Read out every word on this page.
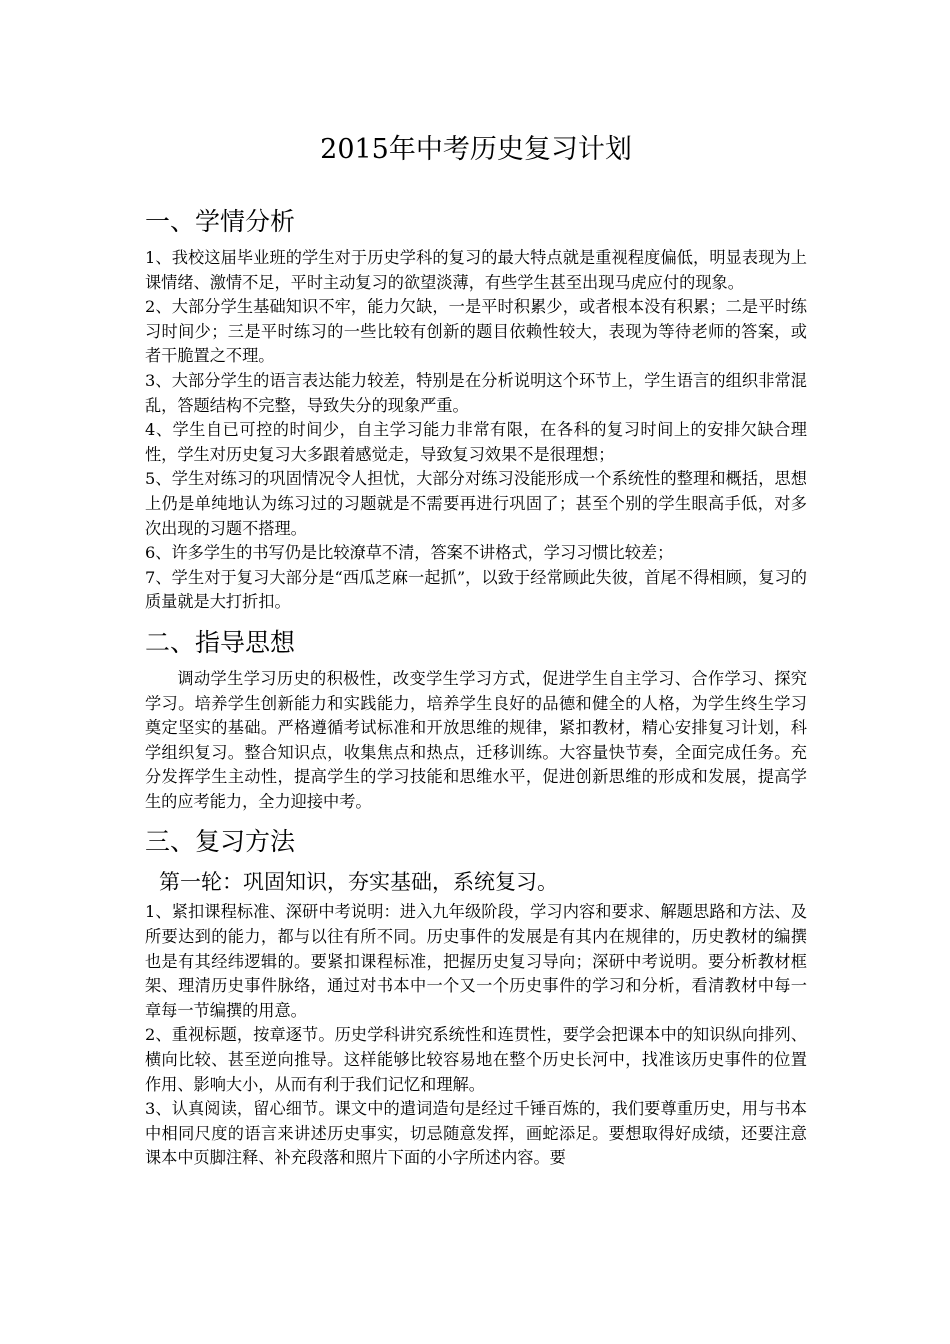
2015年中考历史复习计划
一、学情分析

1、我校这届毕业班的学生对于历史学科的复习的最大特点就是重视程度偏低，明显表现为上课情绪、激情不足，平时主动复习的欲望淡薄，有些学生甚至出现马虎应付的现象。

2、大部分学生基础知识不牢，能力欠缺，一是平时积累少，或者根本没有积累；二是平时练习时间少；三是平时练习的一些比较有创新的题目依赖性较大，表现为等待老师的答案，或者干脆置之不理。

3、大部分学生的语言表达能力较差，特别是在分析说明这个环节上，学生语言的组织非常混乱，答题结构不完整，导致失分的现象严重。

4、学生自已可控的时间少，自主学习能力非常有限，在各科的复习时间上的安排欠缺合理性，学生对历史复习大多跟着感觉走，导致复习效果不是很理想；

5、学生对练习的巩固情况令人担忧，大部分对练习没能形成一个系统性的整理和概括，思想上仍是单纯地认为练习过的习题就是不需要再进行巩固了；甚至个别的学生眼高手低，对多次出现的习题不搭理。

6、许多学生的书写仍是比较潦草不清，答案不讲格式，学习习惯比较差；

7、学生对于复习大部分是“西瓜芝麻一起抓”，以致于经常顾此失彼，首尾不得相顾，复习的质量就是大打折扣。

二、指导思想

调动学生学习历史的积极性，改变学生学习方式，促进学生自主学习、合作学习、探究学习。培养学生创新能力和实践能力，培养学生良好的品德和健全的人格，为学生终生学习奠定坚实的基础。严格遵循考试标准和开放思维的规律，紧扣教材，精心安排复习计划，科学组织复习。整合知识点，收集焦点和热点，迁移训练。大容量快节奏，全面完成任务。充分发挥学生主动性，提高学生的学习技能和思维水平，促进创新思维的形成和发展，提高学生的应考能力，全力迎接中考。

三、复习方法
第一轮：巩固知识，夯实基础，系统复习。

1、紧扣课程标准、深研中考说明：进入九年级阶段，学习内容和要求、解题思路和方法、及所要达到的能力，都与以往有所不同。历史事件的发展是有其内在规律的，历史教材的编撰也是有其经纬逻辑的。要紧扣课程标准，把握历史复习导向；深研中考说明。要分析教材框架、理清历史事件脉络，通过对书本中一个又一个历史事件的学习和分析，看清教材中每一章每一节编撰的用意。

2、重视标题，按章逐节。历史学科讲究系统性和连贯性，要学会把课本中的知识纵向排列、横向比较、甚至逆向推导。这样能够比较容易地在整个历史长河中，找准该历史事件的位置作用、影响大小，从而有利于我们记忆和理解。

3、认真阅读，留心细节。课文中的遣词造句是经过千锤百炼的，我们要尊重历史，用与书本中相同尺度的语言来讲述历史事实，切忌随意发挥，画蛇添足。要想取得好成绩，还要注意课本中页脚注释、补充段落和照片下面的小字所述内容。要
